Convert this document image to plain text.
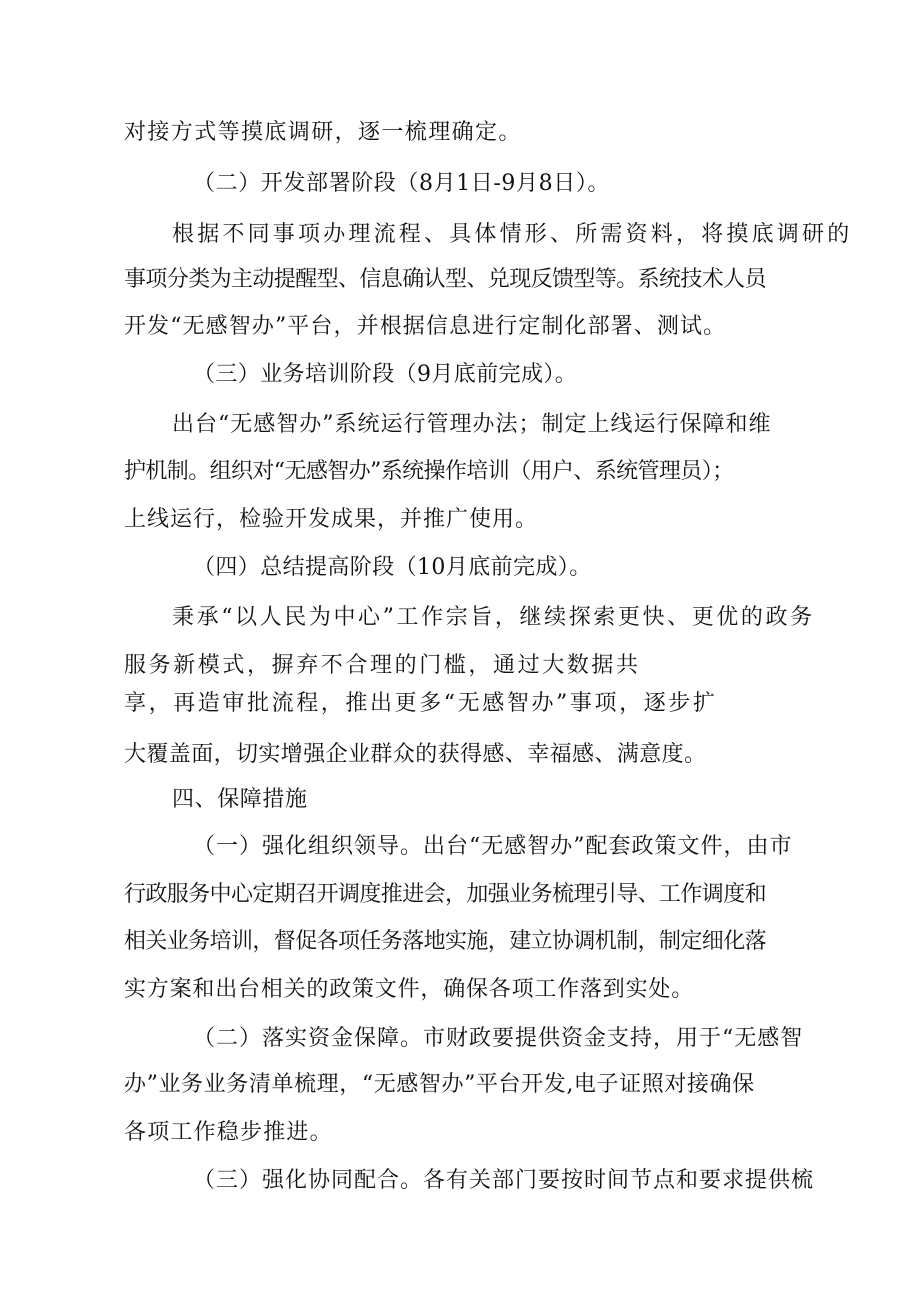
对接方式等摸底调研，逐一梳理确定。
（二）开发部署阶段（8月1日-9月8日）。
根据不同事项办理流程、具体情形、所需资料，将摸底调研的
事项分类为主动提醒型、信息确认型、兑现反馈型等。系统技术人员
开发“无感智办”平台，并根据信息进行定制化部署、测试。
（三）业务培训阶段（9月底前完成）。
出台“无感智办”系统运行管理办法；制定上线运行保障和维
护机制。组织对“无感智办”系统操作培训（用户、系统管理员）；
上线运行，检验开发成果，并推广使用。
（四）总结提高阶段（10月底前完成）。
秉承“以人民为中心”工作宗旨，继续探索更快、更优的政务
服务新模式，摒弃不合理的门槛，通过大数据共
享，再造审批流程，推出更多“无感智办”事项，逐步扩
大覆盖面，切实增强企业群众的获得感、幸福感、满意度。
四、保障措施
（一）强化组织领导。出台“无感智办”配套政策文件，由市
行政服务中心定期召开调度推进会，加强业务梳理引导、工作调度和
相关业务培训，督促各项任务落地实施，建立协调机制，制定细化落
实方案和出台相关的政策文件，确保各项工作落到实处。
（二）落实资金保障。市财政要提供资金支持，用于“无感智
办”业务业务清单梳理，“无感智办”平台开发,电子证照对接确保
各项工作稳步推进。
（三）强化协同配合。各有关部门要按时间节点和要求提供梳
